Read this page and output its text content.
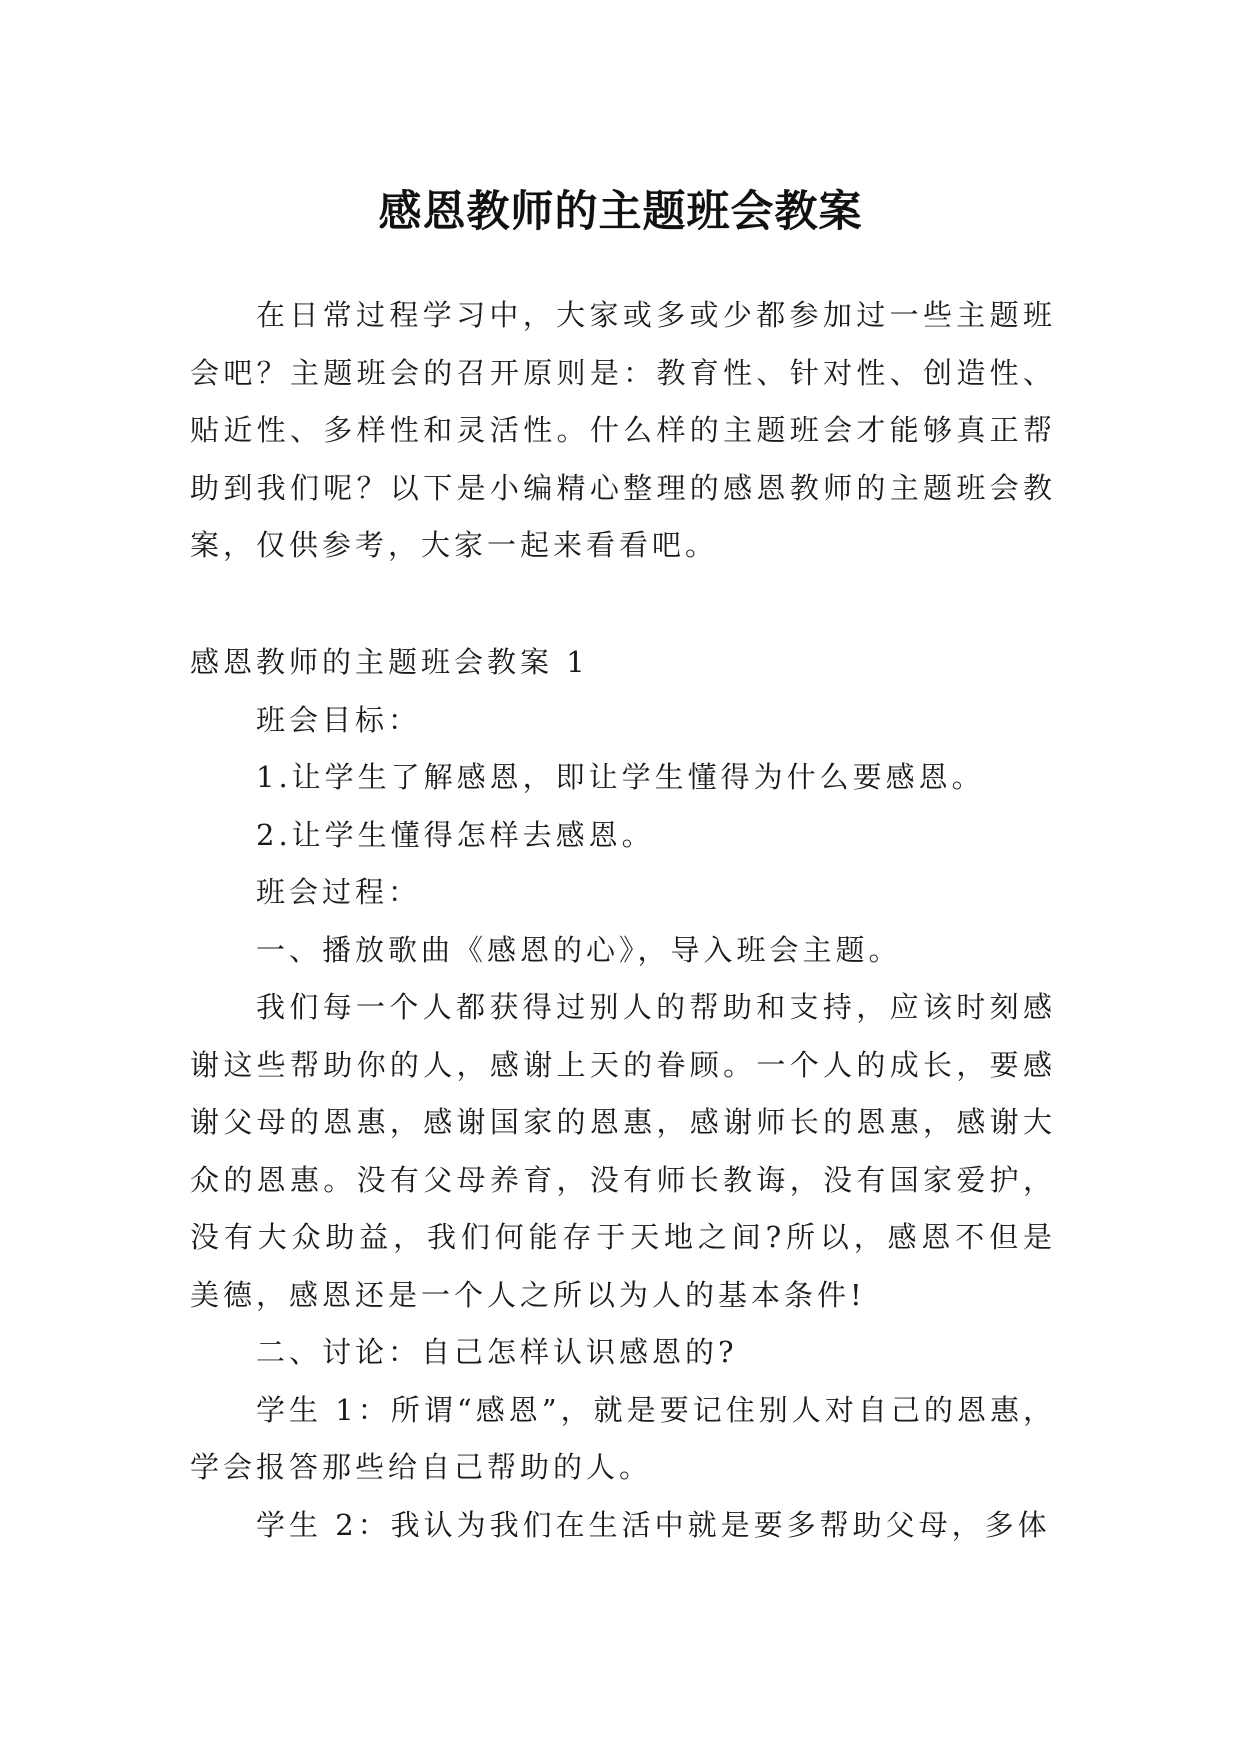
感恩教师的主题班会教案

在日常过程学习中，大家或多或少都参加过一些主题班会吧？主题班会的召开原则是：教育性、针对性、创造性、贴近性、多样性和灵活性。什么样的主题班会才能够真正帮助到我们呢？以下是小编精心整理的感恩教师的主题班会教案，仅供参考，大家一起来看看吧。

感恩教师的主题班会教案 1

班会目标：

1.让学生了解感恩，即让学生懂得为什么要感恩。

2.让学生懂得怎样去感恩。

班会过程：

一、播放歌曲《感恩的心》，导入班会主题。

我们每一个人都获得过别人的帮助和支持，应该时刻感谢这些帮助你的人，感谢上天的眷顾。一个人的成长，要感谢父母的恩惠，感谢国家的恩惠，感谢师长的恩惠，感谢大众的恩惠。没有父母养育，没有师长教诲，没有国家爱护，没有大众助益，我们何能存于天地之间?所以，感恩不但是美德，感恩还是一个人之所以为人的基本条件!

二、讨论：自己怎样认识感恩的?

学生 1：所谓“感恩”，就是要记住别人对自己的恩惠，学会报答那些给自己帮助的人。

学生 2：我认为我们在生活中就是要多帮助父母，多体
